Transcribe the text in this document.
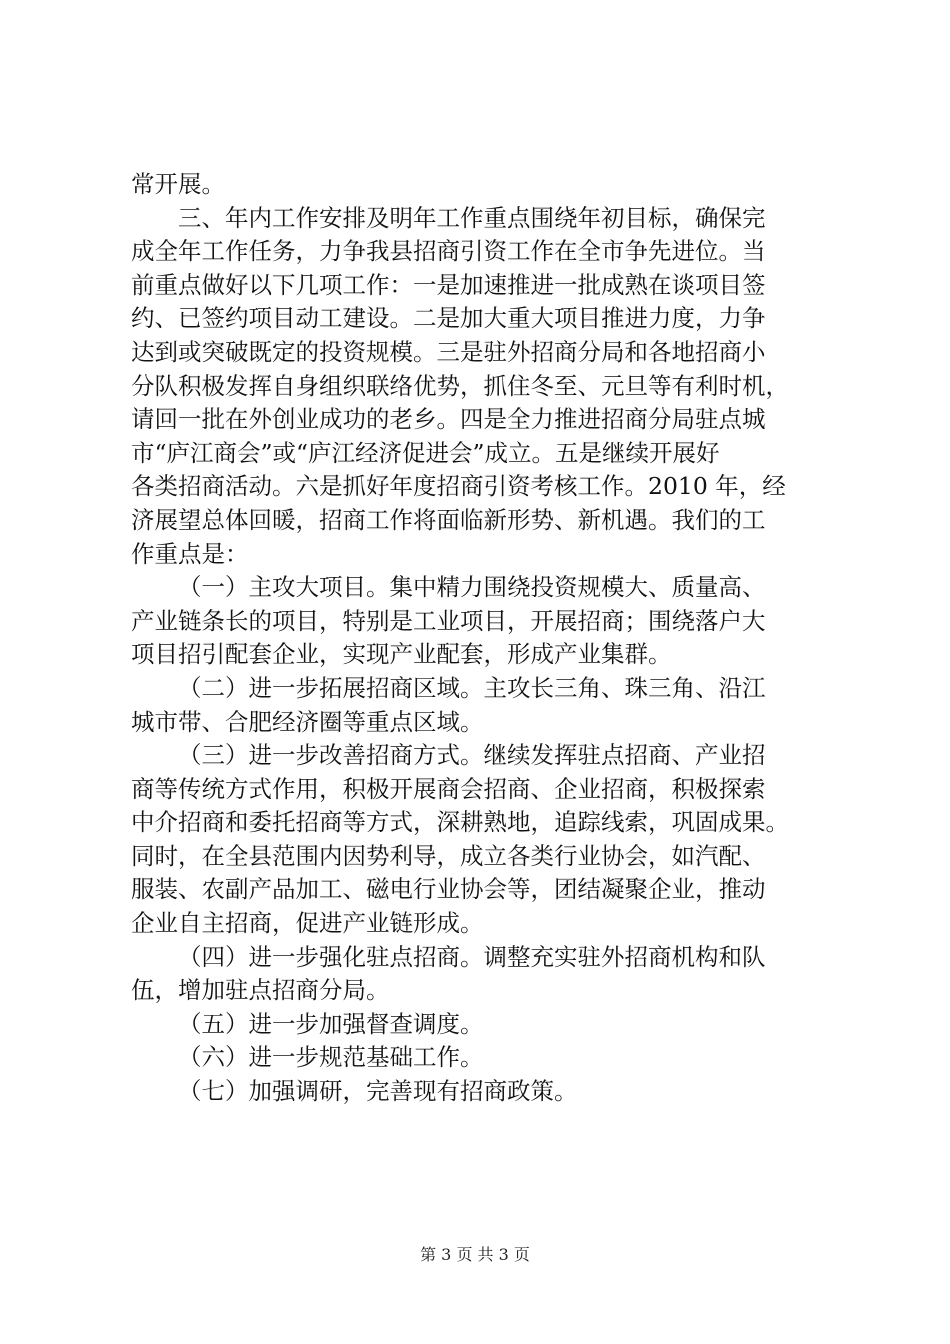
常开展。
三、年内工作安排及明年工作重点围绕年初目标，确保完
成全年工作任务，力争我县招商引资工作在全市争先进位。当
前重点做好以下几项工作：一是加速推进一批成熟在谈项目签
约、已签约项目动工建设。二是加大重大项目推进力度，力争
达到或突破既定的投资规模。三是驻外招商分局和各地招商小
分队积极发挥自身组织联络优势，抓住冬至、元旦等有利时机，
请回一批在外创业成功的老乡。四是全力推进招商分局驻点城
市“庐江商会”或“庐江经济促进会”成立。五是继续开展好
各类招商活动。六是抓好年度招商引资考核工作。2010 年，经
济展望总体回暖，招商工作将面临新形势、新机遇。我们的工
作重点是：
（一）主攻大项目。集中精力围绕投资规模大、质量高、
产业链条长的项目，特别是工业项目，开展招商；围绕落户大
项目招引配套企业，实现产业配套，形成产业集群。
（二）进一步拓展招商区域。主攻长三角、珠三角、沿江
城市带、合肥经济圈等重点区域。
（三）进一步改善招商方式。继续发挥驻点招商、产业招
商等传统方式作用，积极开展商会招商、企业招商，积极探索
中介招商和委托招商等方式，深耕熟地，追踪线索，巩固成果。
同时，在全县范围内因势利导，成立各类行业协会，如汽配、
服装、农副产品加工、磁电行业协会等，团结凝聚企业，推动
企业自主招商，促进产业链形成。
（四）进一步强化驻点招商。调整充实驻外招商机构和队
伍，增加驻点招商分局。
（五）进一步加强督查调度。
（六）进一步规范基础工作。
（七）加强调研，完善现有招商政策。
第 3 页 共 3 页
